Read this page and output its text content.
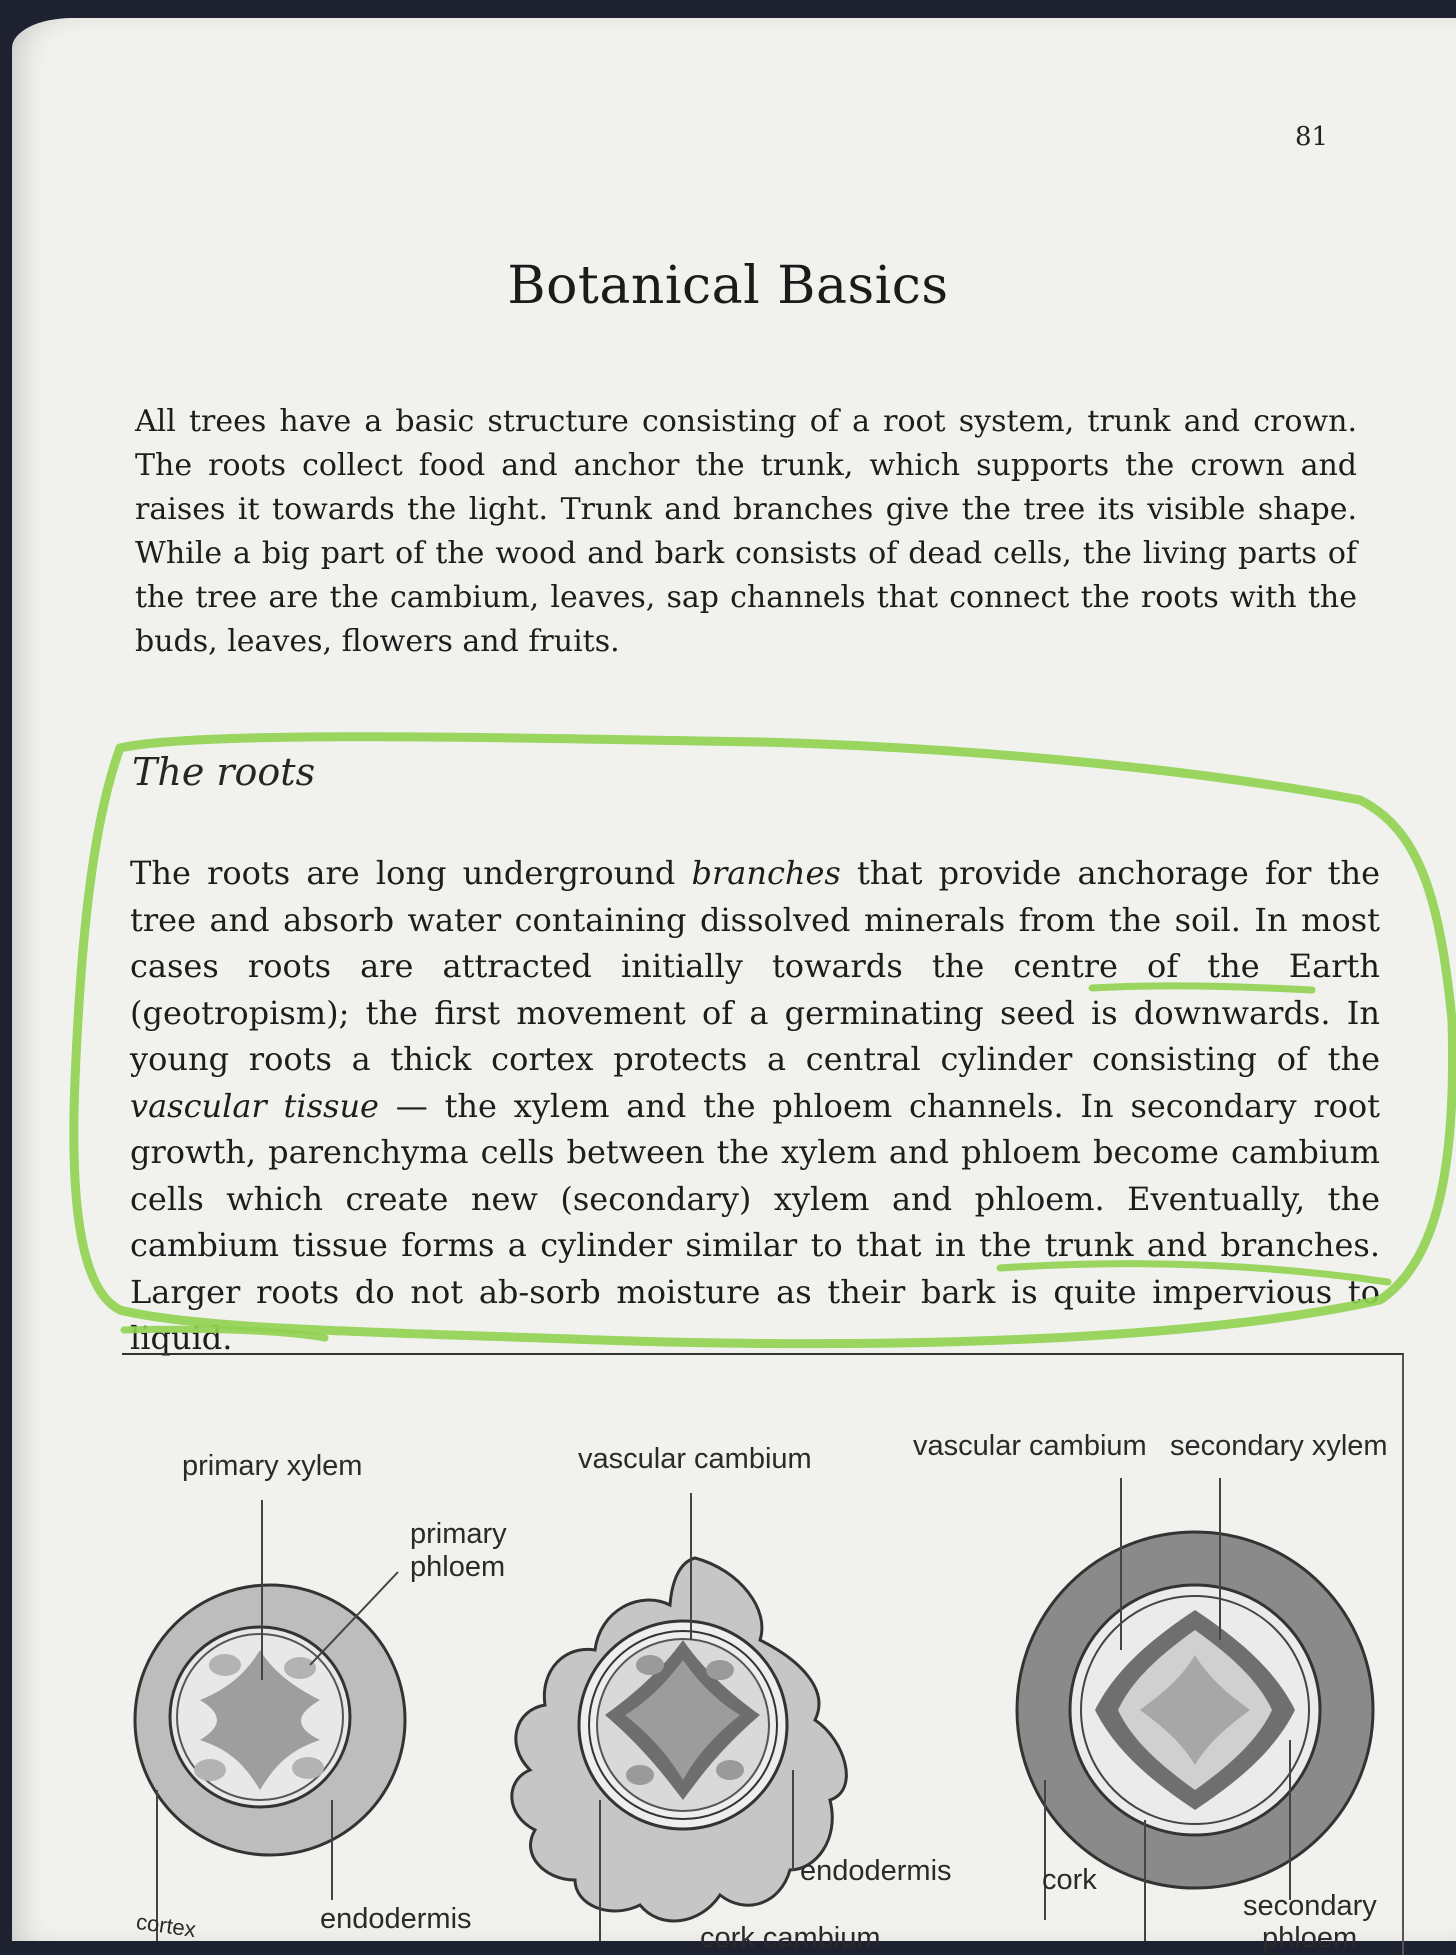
81
Botanical Basics
All trees have a basic structure consisting of a root system, trunk and crown. The roots collect food and anchor the trunk, which supports the crown and raises it towards the light. Trunk and branches give the tree its visible shape. While a big part of the wood and bark consists of dead cells, the living parts of the tree are the cambium, leaves, sap channels that connect the roots with the buds, leaves, flowers and fruits.
The roots
The roots are long underground branches that provide anchorage for the tree and absorb water containing dissolved minerals from the soil. In most cases roots are attracted initially towards the centre of the Earth (geotropism); the first movement of a germinating seed is downwards. In young roots a thick cortex protects a central cylinder consisting of the vascular tissue — the xylem and the phloem channels. In secondary root growth, parenchyma cells between the xylem and phloem become cambium cells which create new (secondary) xylem and phloem. Eventually, the cambium tissue forms a cylinder similar to that in the trunk and branches. Larger roots do not ab-sorb moisture as their bark is quite impervious to liquid.
primary xylem
primary
phloem
vascular cambium	vascular cambium secondary xylem
cortex	endodermis
endodermis
cork cambium
cork
secondary
phloem
